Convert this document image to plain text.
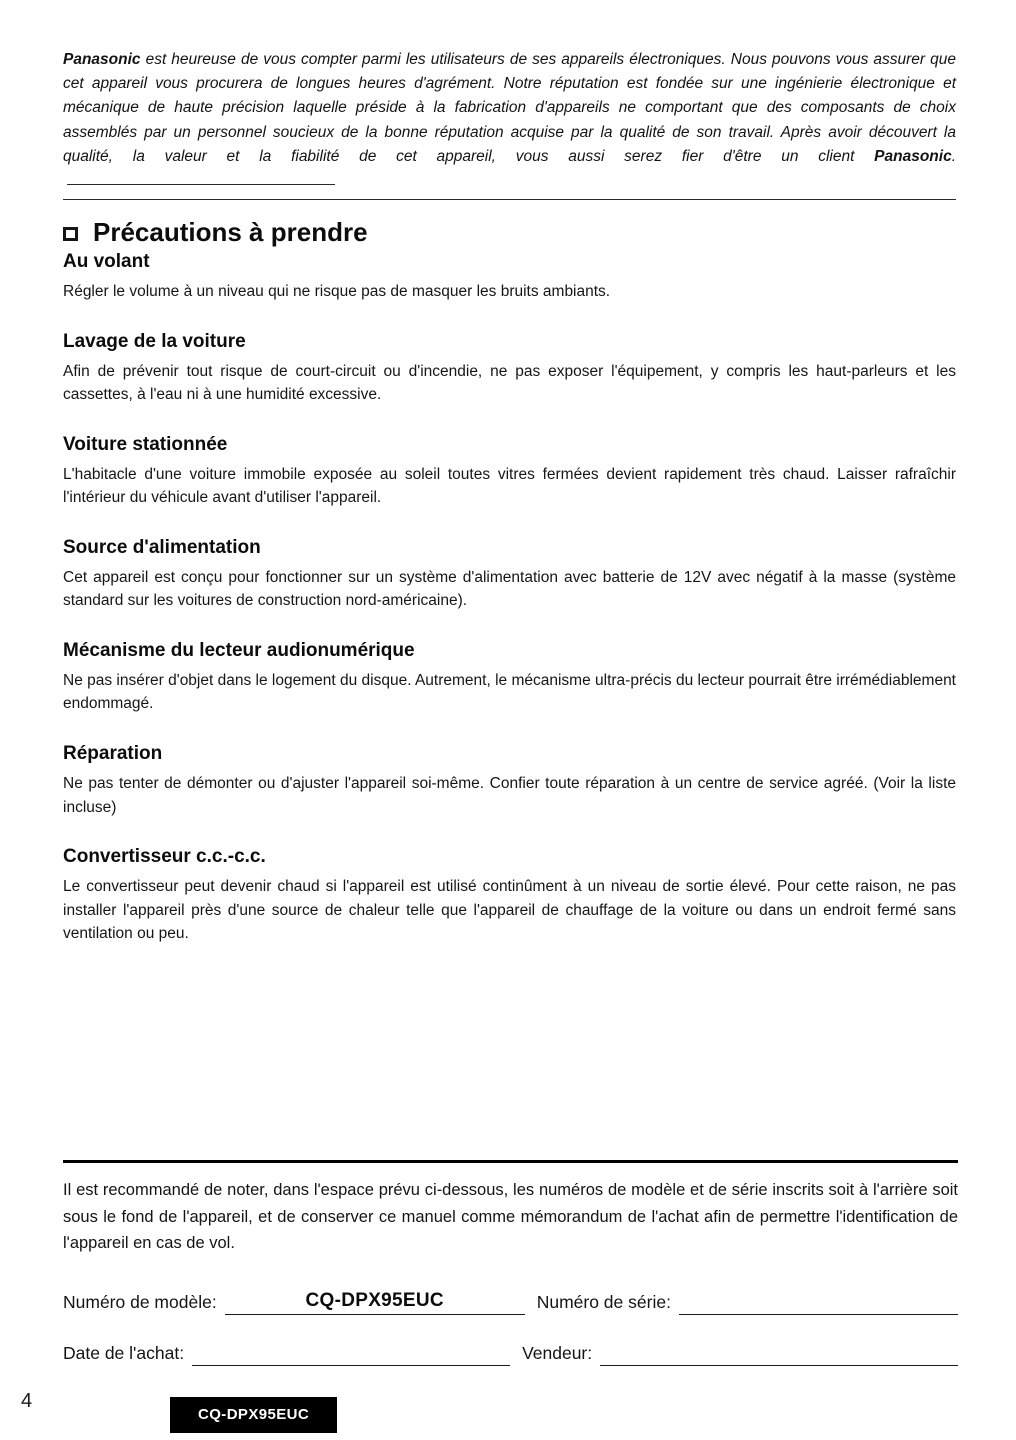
Panasonic est heureuse de vous compter parmi les utilisateurs de ses appareils électroniques. Nous pouvons vous assurer que cet appareil vous procurera de longues heures d'agrément. Notre réputation est fondée sur une ingénierie électronique et mécanique de haute précision laquelle préside à la fabrication d'appareils ne comportant que des composants de choix assemblés par un personnel soucieux de la bonne réputation acquise par la qualité de son travail. Après avoir découvert la qualité, la valeur et la fiabilité de cet appareil, vous aussi serez fier d'être un client Panasonic.

Précautions à prendre
Au volant

Régler le volume à un niveau qui ne risque pas de masquer les bruits ambiants.

Lavage de la voiture

Afin de prévenir tout risque de court-circuit ou d'incendie, ne pas exposer l'équipement, y compris les haut-parleurs et les cassettes, à l'eau ni à une humidité excessive.

Voiture stationnée

L'habitacle d'une voiture immobile exposée au soleil toutes vitres fermées devient rapidement très chaud. Laisser rafraîchir l'intérieur du véhicule avant d'utiliser l'appareil.

Source d'alimentation

Cet appareil est conçu pour fonctionner sur un système d'alimentation avec batterie de 12V avec négatif à la masse (système standard sur les voitures de construction nord-américaine).

Mécanisme du lecteur audionumérique

Ne pas insérer d'objet dans le logement du disque. Autrement, le mécanisme ultra-précis du lecteur pourrait être irrémédiablement endommagé.

Réparation

Ne pas tenter de démonter ou d'ajuster l'appareil soi-même. Confier toute réparation à un centre de service agréé. (Voir la liste incluse)

Convertisseur c.c.-c.c.

Le convertisseur peut devenir chaud si l'appareil est utilisé continûment à un niveau de sortie élevé. Pour cette raison, ne pas installer l'appareil près d'une source de chaleur telle que l'appareil de chauffage de la voiture ou dans un endroit fermé sans ventilation ou peu.

Il est recommandé de noter, dans l'espace prévu ci-dessous, les numéros de modèle et de série inscrits soit à l'arrière soit sous le fond de l'appareil, et de conserver ce manuel comme mémorandum de l'achat afin de permettre l'identification de l'appareil en cas de vol.

Numéro de modèle:	CQ-DPX95EUC	Numéro de série:
Date de l'achat:	Vendeur:
4
CQ-DPX95EUC
